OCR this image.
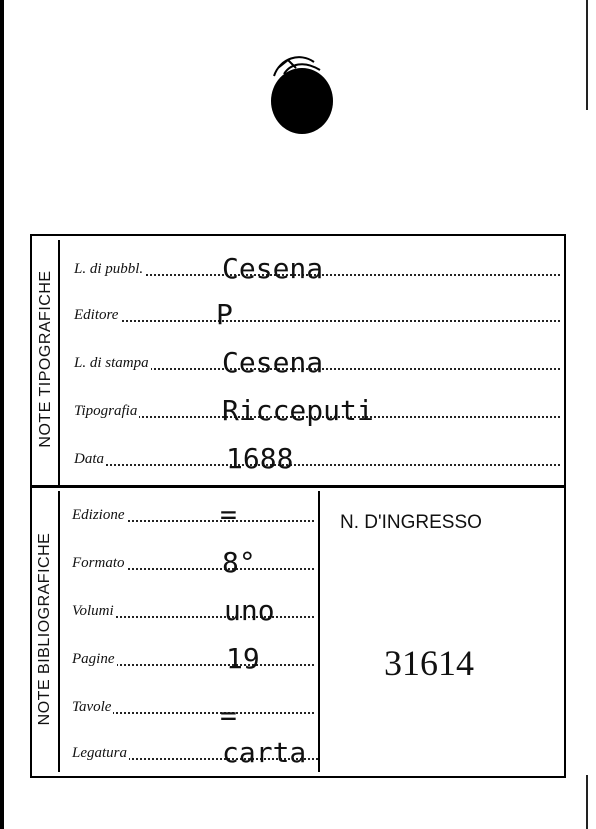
NOTE TIPOGRAFICHE
NOTE BIBLIOGRAFICHE
L. di pubbl.	Cesena
Editore	P
L. di stampa	Cesena
Tipografia	Ricceputi
Data	1688
Edizione	=
Formato	8°
Volumi	uno
Pagine	19
Tavole	=
Legatura	carta
N. D'INGRESSO
31614
